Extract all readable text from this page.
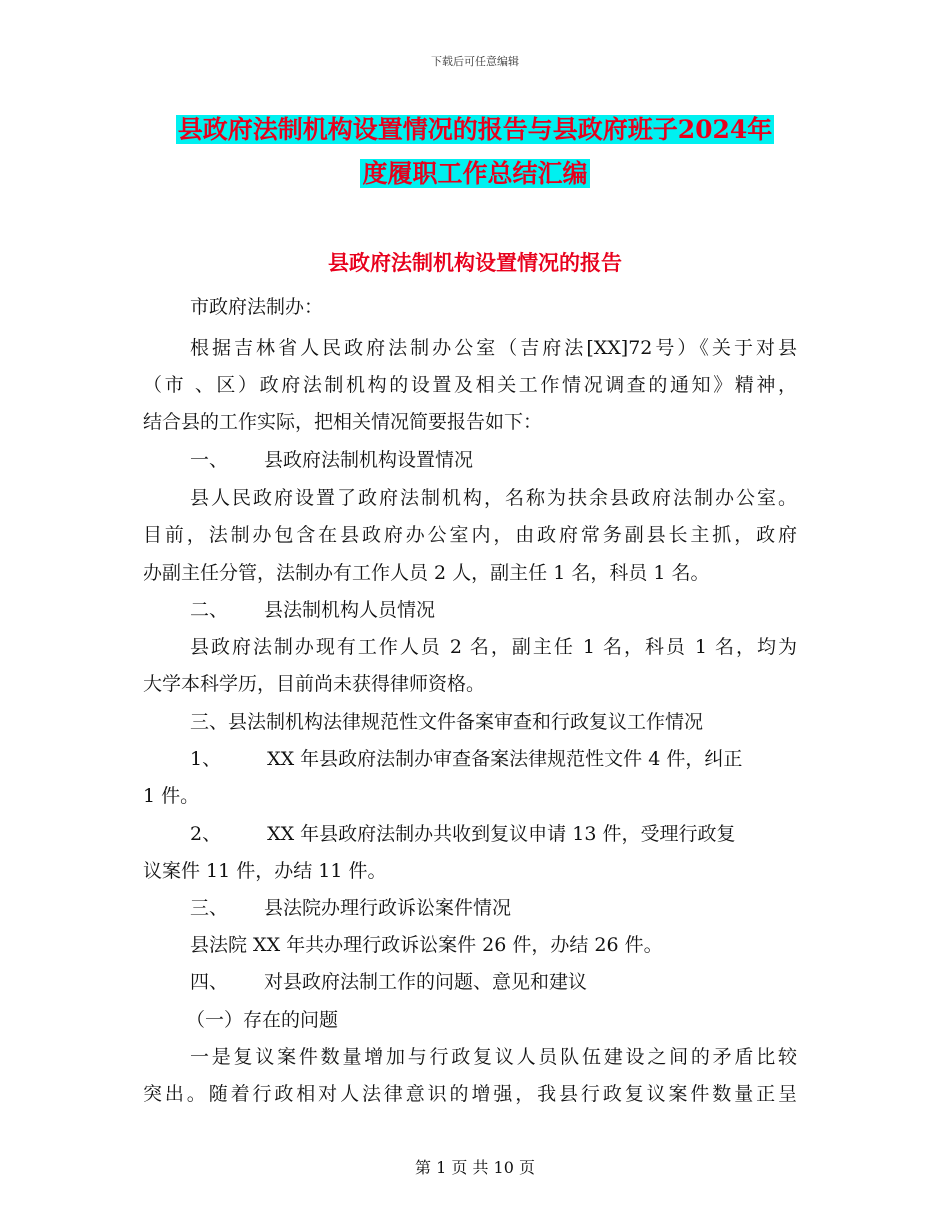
下载后可任意编辑
县政府法制机构设置情况的报告与县政府班子2024年
度履职工作总结汇编
县政府法制机构设置情况的报告
市政府法制办：
根据吉林省人民政府法制办公室（吉府法[XX]72号）《关于对县
（市 、区）政府法制机构的设置及相关工作情况调查的通知》精神，
结合县的工作实际，把相关情况简要报告如下：
一、 县政府法制机构设置情况
县人民政府设置了政府法制机构，名称为扶余县政府法制办公室。
目前，法制办包含在县政府办公室内，由政府常务副县长主抓，政府
办副主任分管，法制办有工作人员 2 人，副主任 1 名，科员 1 名。
二、 县法制机构人员情况
县政府法制办现有工作人员 2 名，副主任 1 名，科员 1 名，均为
大学本科学历，目前尚未获得律师资格。
三、县法制机构法律规范性文件备案审查和行政复议工作情况
1、 XX 年县政府法制办审查备案法律规范性文件 4 件，纠正
1 件。
2、 XX 年县政府法制办共收到复议申请 13 件，受理行政复
议案件 11 件，办结 11 件。
三、 县法院办理行政诉讼案件情况
县法院 XX 年共办理行政诉讼案件 26 件，办结 26 件。
四、 对县政府法制工作的问题、意见和建议
（一）存在的问题
一是复议案件数量增加与行政复议人员队伍建设之间的矛盾比较
突出。随着行政相对人法律意识的增强，我县行政复议案件数量正呈
第 1 页 共 10 页
